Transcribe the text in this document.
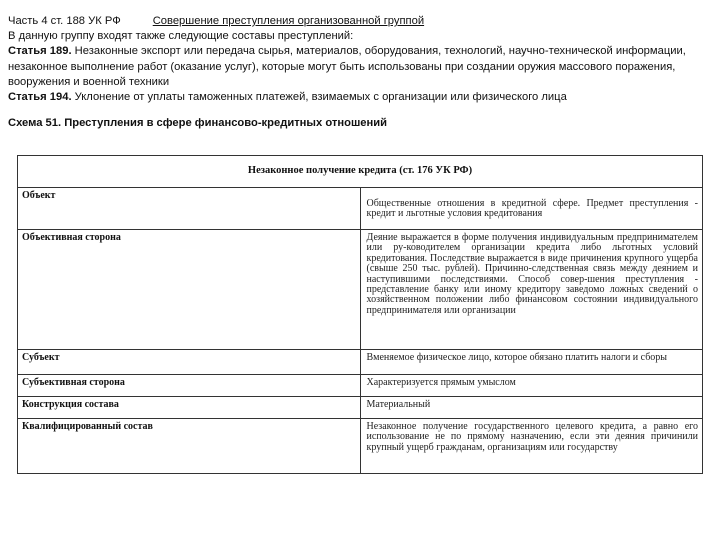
Часть 4 ст. 188 УК РФ	Совершение преступления организованной группой

В данную группу входят также следующие составы преступлений:

Статья 189. Незаконные экспорт или передача сырья, материалов, оборудования, технологий, научно-технической информации, незаконное выполнение работ (оказание услуг), которые могут быть использованы при создании оружия массового поражения, вооружения и военной техники

Статья 194. Уклонение от уплаты таможенных платежей, взимаемых с организации или физического лица

Схема 51. Преступления в сфере финансово-кредитных отношений
Незаконное получение кредита (ст. 176 УК РФ)	
Объект	Общественные отношения в кредитной сфере. Предмет преступления - кредит и льготные условия кредитования
Объективная сторона	Деяние выражается в форме получения индивидуальным предпринимателем или ру-ководителем организации кредита либо льготных условий кредитования. Последствие выражается в виде причинения крупного ущерба (свыше 250 тыс. рублей). Причинно-следственная связь между деянием и наступившими последствиями. Способ совер-шения преступления - представление банку или иному кредитору заведомо ложных сведений о хозяйственном положении либо финансовом состоянии индивидуального предпринимателя или организации
Субъект	Вменяемое физическое лицо, которое обязано платить налоги и сборы
Субъективная сторона	Характеризуется прямым умыслом
Конструкция состава	Материальный
Квалифицированный состав	Незаконное получение государственного целевого кредита, а равно его использование не по прямому назначению, если эти деяния причинили крупный ущерб гражданам, организациям или государству
